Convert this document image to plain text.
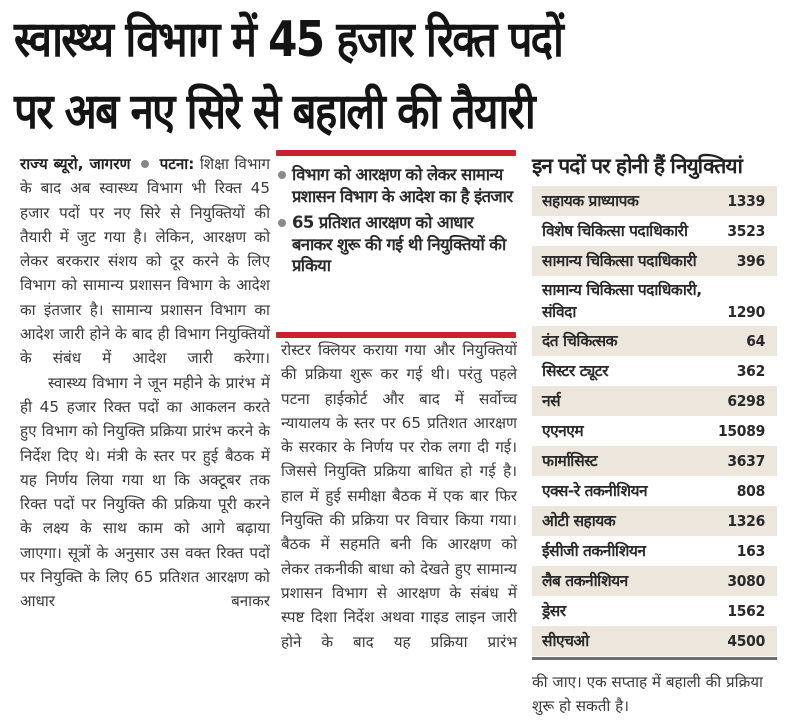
स्वास्थ्य विभाग में 45 हजार रिक्त पदों
पर अब नए सिरे से बहाली की तैयारी

राज्य ब्यूरो, जागरण पटना: शिक्षा विभाग के बाद अब स्वास्थ्य विभाग भी रिक्त 45 हजार पदों पर नए सिरे से नियुक्तियों की तैयारी में जुट गया है। लेकिन, आरक्षण को लेकर बरकरार संशय को दूर करने के लिए विभाग को सामान्य प्रशासन विभाग के आदेश का इंतजार है। सामान्य प्रशासन विभाग का आदेश जारी होने के बाद ही विभाग नियुक्तियों के संबंध में आदेश जारी करेगा।

स्वास्थ्य विभाग ने जून महीने के प्रारंभ में ही 45 हजार रिक्त पदों का आकलन करते हुए विभाग को नियुक्ति प्रक्रिया प्रारंभ करने के निर्देश दिए थे। मंत्री के स्तर पर हुई बैठक में यह निर्णय लिया गया था कि अक्टूबर तक रिक्त पदों पर नियुक्ति की प्रक्रिया पूरी करने के लक्ष्य के साथ काम को आगे बढ़ाया जाएगा। सूत्रों के अनुसार उस वक्त रिक्त पदों पर नियुक्ति के लिए 65 प्रतिशत आरक्षण को आधार बनाकर

विभाग को आरक्षण को लेकर सामान्य प्रशासन विभाग के आदेश का है इंतजार
65 प्रतिशत आरक्षण को आधार बनाकर शुरू की गई थी नियुक्तियों की प्रकिया

रोस्टर क्लियर कराया गया और नियुक्तियों की प्रक्रिया शुरू कर गई थी। परंतु पहले पटना हाईकोर्ट और बाद में सर्वोच्च न्यायालय के स्तर पर 65 प्रतिशत आरक्षण के सरकार के निर्णय पर रोक लगा दी गई। जिससे नियुक्ति प्रक्रिया बाधित हो गई है। हाल में हुई समीक्षा बैठक में एक बार फिर नियुक्ति की प्रक्रिया पर विचार किया गया। बैठक में सहमति बनी कि आरक्षण को लेकर तकनीकी बाधा को देखते हुए सामान्य प्रशासन विभाग से आरक्षण के संबंध में स्पष्ट दिशा निर्देश अथवा गाइड लाइन जारी होने के बाद यह प्रक्रिया प्रारंभ

इन पदों पर होनी हैं नियुक्तियां
सहायक प्राध्यापक	1339
विशेष चिकित्सा पदाधिकारी	3523
सामान्य चिकित्सा पदाधिकारी	396
सामान्य चिकित्सा पदाधिकारी, संविदा	1290
दंत चिकित्सक	64
सिस्टर ट्यूटर	362
नर्स	6298
एएनएम	15089
फार्मासिस्ट	3637
एक्स-रे तकनीशियन	808
ओटी सहायक	1326
ईसीजी तकनीशियन	163
लैब तकनीशियन	3080
ड्रेसर	1562
सीएचओ	4500

की जाए। एक सप्ताह में बहाली की प्रक्रिया शुरू हो सकती है।
